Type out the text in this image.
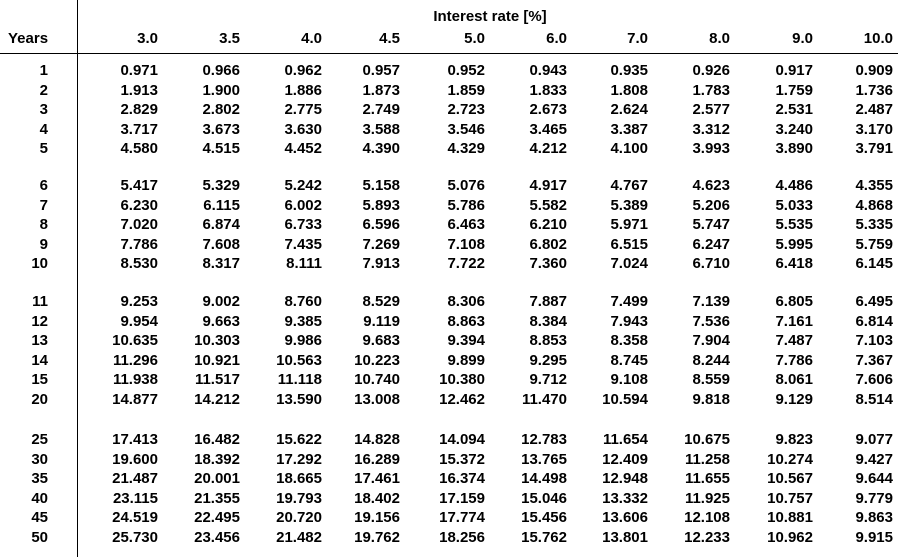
Interest rate [%]
Years	3.0	3.5	4.0	4.5	5.0	6.0	7.0	8.0	9.0	10.0
1	0.971	0.966	0.962	0.957	0.952	0.943	0.935	0.926	0.917	0.909
2	1.913	1.900	1.886	1.873	1.859	1.833	1.808	1.783	1.759	1.736
3	2.829	2.802	2.775	2.749	2.723	2.673	2.624	2.577	2.531	2.487
4	3.717	3.673	3.630	3.588	3.546	3.465	3.387	3.312	3.240	3.170
5	4.580	4.515	4.452	4.390	4.329	4.212	4.100	3.993	3.890	3.791
6	5.417	5.329	5.242	5.158	5.076	4.917	4.767	4.623	4.486	4.355
7	6.230	6.115	6.002	5.893	5.786	5.582	5.389	5.206	5.033	4.868
8	7.020	6.874	6.733	6.596	6.463	6.210	5.971	5.747	5.535	5.335
9	7.786	7.608	7.435	7.269	7.108	6.802	6.515	6.247	5.995	5.759
10	8.530	8.317	8.111	7.913	7.722	7.360	7.024	6.710	6.418	6.145
11	9.253	9.002	8.760	8.529	8.306	7.887	7.499	7.139	6.805	6.495
12	9.954	9.663	9.385	9.119	8.863	8.384	7.943	7.536	7.161	6.814
13	10.635	10.303	9.986	9.683	9.394	8.853	8.358	7.904	7.487	7.103
14	11.296	10.921	10.563	10.223	9.899	9.295	8.745	8.244	7.786	7.367
15	11.938	11.517	11.118	10.740	10.380	9.712	9.108	8.559	8.061	7.606
20	14.877	14.212	13.590	13.008	12.462	11.470	10.594	9.818	9.129	8.514
25	17.413	16.482	15.622	14.828	14.094	12.783	11.654	10.675	9.823	9.077
30	19.600	18.392	17.292	16.289	15.372	13.765	12.409	11.258	10.274	9.427
35	21.487	20.001	18.665	17.461	16.374	14.498	12.948	11.655	10.567	9.644
40	23.115	21.355	19.793	18.402	17.159	15.046	13.332	11.925	10.757	9.779
45	24.519	22.495	20.720	19.156	17.774	15.456	13.606	12.108	10.881	9.863
50	25.730	23.456	21.482	19.762	18.256	15.762	13.801	12.233	10.962	9.915
